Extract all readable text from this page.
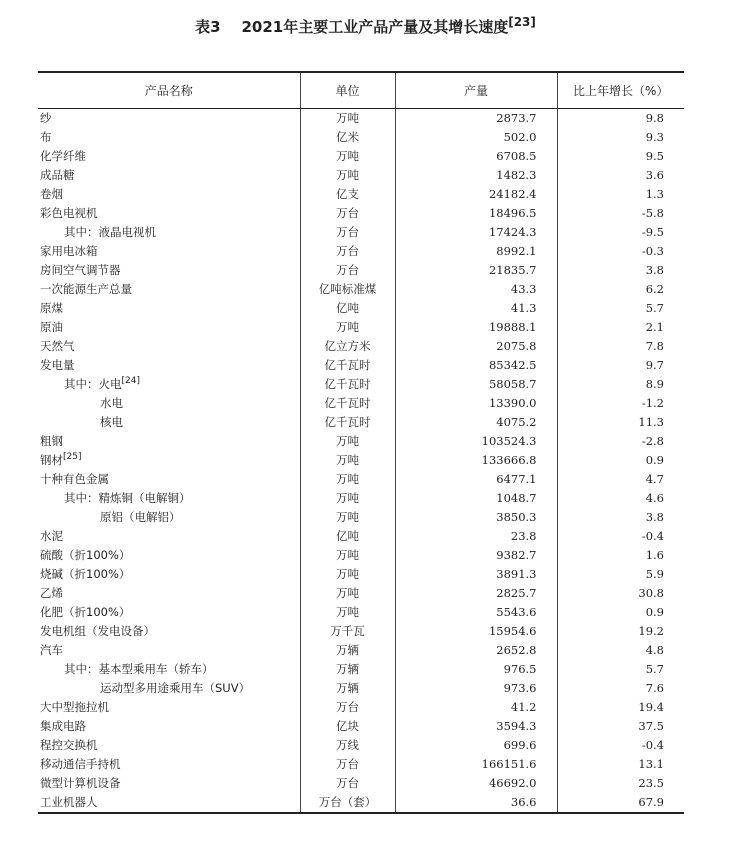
表3 2021年主要工业产品产量及其增长速度[23]
产品名称	单位	产量	比上年增长（%）
纱	万吨	2873.7	9.8
布	亿米	502.0	9.3
化学纤维	万吨	6708.5	9.5
成品糖	万吨	1482.3	3.6
卷烟	亿支	24182.4	1.3
彩色电视机	万台	18496.5	-5.8
其中：液晶电视机	万台	17424.3	-9.5
家用电冰箱	万台	8992.1	-0.3
房间空气调节器	万台	21835.7	3.8
一次能源生产总量	亿吨标准煤	43.3	6.2
原煤	亿吨	41.3	5.7
原油	万吨	19888.1	2.1
天然气	亿立方米	2075.8	7.8
发电量	亿千瓦时	85342.5	9.7
其中：火电[24]	亿千瓦时	58058.7	8.9
水电	亿千瓦时	13390.0	-1.2
核电	亿千瓦时	4075.2	11.3
粗钢	万吨	103524.3	-2.8
钢材[25]	万吨	133666.8	0.9
十种有色金属	万吨	6477.1	4.7
其中：精炼铜（电解铜）	万吨	1048.7	4.6
原铝（电解铝）	万吨	3850.3	3.8
水泥	亿吨	23.8	-0.4
硫酸（折100%）	万吨	9382.7	1.6
烧碱（折100%）	万吨	3891.3	5.9
乙烯	万吨	2825.7	30.8
化肥（折100%）	万吨	5543.6	0.9
发电机组（发电设备）	万千瓦	15954.6	19.2
汽车	万辆	2652.8	4.8
其中：基本型乘用车（轿车）	万辆	976.5	5.7
运动型多用途乘用车（SUV）	万辆	973.6	7.6
大中型拖拉机	万台	41.2	19.4
集成电路	亿块	3594.3	37.5
程控交换机	万线	699.6	-0.4
移动通信手持机	万台	166151.6	13.1
微型计算机设备	万台	46692.0	23.5
工业机器人	万台（套）	36.6	67.9
